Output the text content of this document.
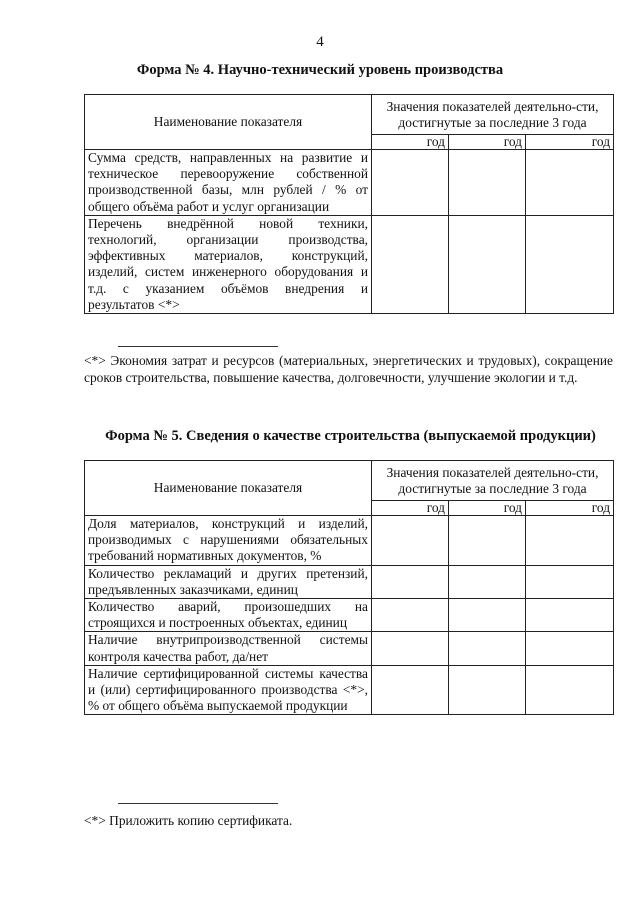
4
Форма № 4. Научно-технический уровень производства
Наименование показателя	Значения показателей деятельно-сти, достигнутые за последние 3 года		
	год	год	год
Сумма средств, направленных на развитие и техническое перевооружение собственной производственной базы, млн рублей / % от общего объёма работ и услуг организации			
Перечень внедрённой новой техники, технологий, организации производства, эффективных материалов, конструкций, изделий, систем инженерного оборудования и т.д. с указанием объёмов внедрения и результатов <*>			
<*> Экономия затрат и ресурсов (материальных, энергетических и трудовых), сокращение сроков строительства, повышение качества, долговечности, улучшение экологии и т.д.
Форма № 5. Сведения о качестве строительства (выпускаемой продукции)
Наименование показателя	Значения показателей деятельно-сти, достигнутые за последние 3 года		
	год	год	год
Доля материалов, конструкций и изделий, производимых с нарушениями обязательных требований нормативных документов, %			
Количество рекламаций и других претензий, предъявленных заказчиками, единиц			
Количество аварий, произошедших на строящихся и построенных объектах, единиц			
Наличие внутрипроизводственной системы контроля качества работ, да/нет			
Наличие сертифицированной системы качества и (или) сертифицированного производства <*>, % от общего объёма выпускаемой продукции			
<*> Приложить копию сертификата.
